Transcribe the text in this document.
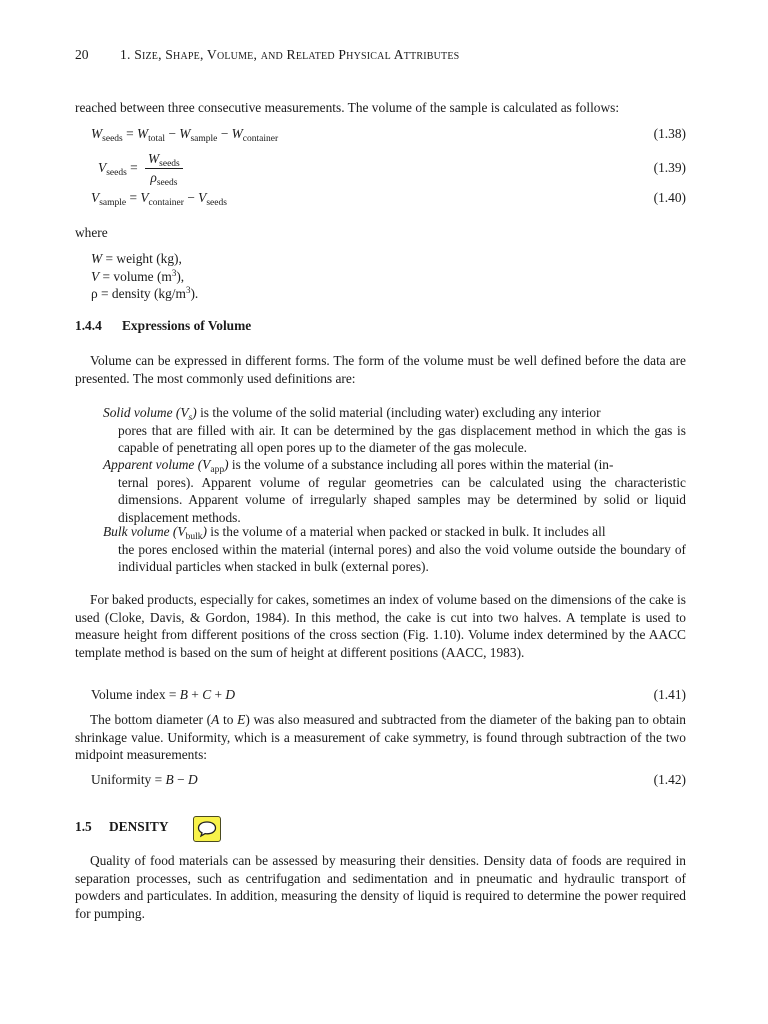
20 1. Size, Shape, Volume, and Related Physical Attributes

reached between three consecutive measurements. The volume of the sample is calculated as follows:

$W_{seeds} = W_{total} - W_{sample} - W_{container}$	(1.38)
$V_{seeds} = \frac{W_{seeds}}{\rho_{seeds}}$	(1.39)
$V_{sample} = V_{container} - V_{seeds}$	(1.40)

where

W = weight (kg),
V = volume $(m^3)$,
ρ = density $(kg/m^3)$.
1.4.4 Expressions of Volume

Volume can be expressed in different forms. The form of the volume must be well defined before the data are presented. The most commonly used definitions are:

Solid volume $(V_s)$ is the volume of the solid material (including water) excluding any interior
pores that are filled with air. It can be determined by the gas displacement method in which the gas is capable of penetrating all open pores up to the diameter of the gas molecule.
Apparent volume $(V_{app})$ is the volume of a substance including all pores within the material (in-
ternal pores). Apparent volume of regular geometries can be calculated using the characteristic dimensions. Apparent volume of irregularly shaped samples may be determined by solid or liquid displacement methods.
Bulk volume $(V_{bulk})$ is the volume of a material when packed or stacked in bulk. It includes all
the pores enclosed within the material (internal pores) and also the void volume outside the boundary of individual particles when stacked in bulk (external pores).

For baked products, especially for cakes, sometimes an index of volume based on the dimensions of the cake is used (Cloke, Davis, & Gordon, 1984). In this method, the cake is cut into two halves. A template is used to measure height from different positions of the cross section (Fig. 1.10). Volume index determined by the AACC template method is based on the sum of height at different positions (AACC, 1983).

Volume index = B + C + D	(1.41)

The bottom diameter (A to E) was also measured and subtracted from the diameter of the baking pan to obtain shrinkage value. Uniformity, which is a measurement of cake symmetry, is found through subtraction of the two midpoint measurements:

Uniformity = B − D	(1.42)
1.5 DENSITY

Quality of food materials can be assessed by measuring their densities. Density data of foods are required in separation processes, such as centrifugation and sedimentation and in pneumatic and hydraulic transport of powders and particulates. In addition, measuring the density of liquid is required to determine the power required for pumping.
